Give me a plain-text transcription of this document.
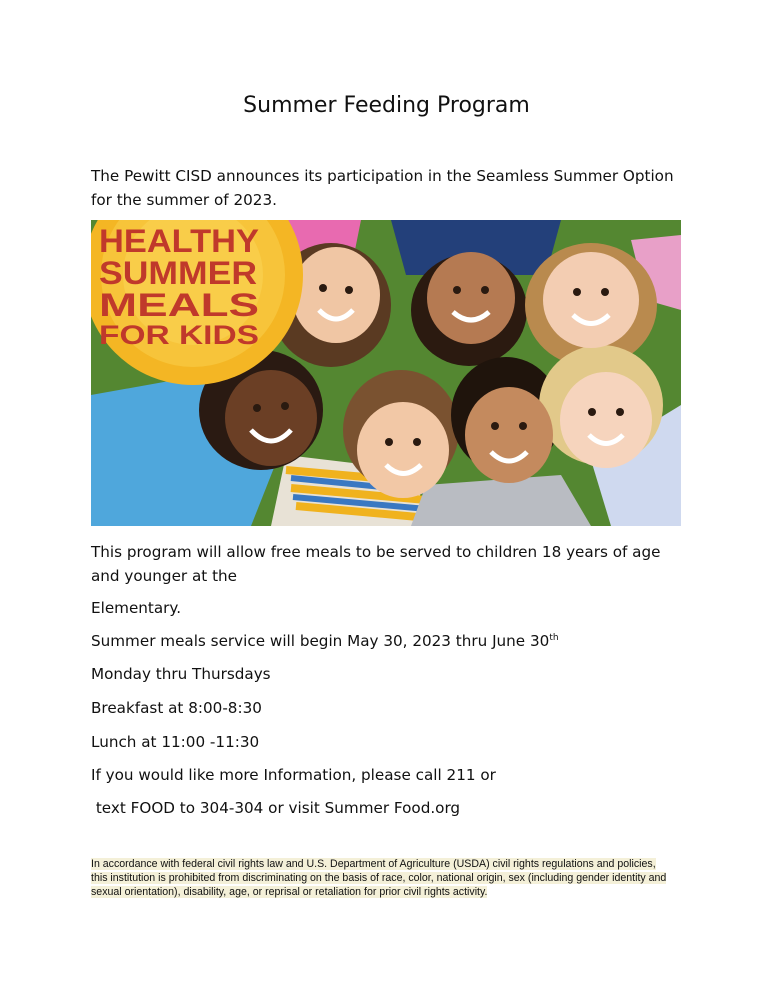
Summer Feeding Program
The Pewitt CISD announces its participation in the Seamless Summer Option for the summer of 2023.
HEALTHY
SUMMER
MEALS
FOR KIDS
This program will allow free meals to be served to children 18 years of age and younger at the
Elementary.
Summer meals service will begin May 30, 2023 thru June 30th
Monday thru Thursdays
Breakfast at 8:00-8:30
Lunch at 11:00 -11:30
If you would like more Information, please call 211 or
text FOOD to 304-304 or visit Summer Food.org
In accordance with federal civil rights law and U.S. Department of Agriculture (USDA) civil rights regulations and policies, this institution is prohibited from discriminating on the basis of race, color, national origin, sex (including gender identity and sexual orientation), disability, age, or reprisal or retaliation for prior civil rights activity.
